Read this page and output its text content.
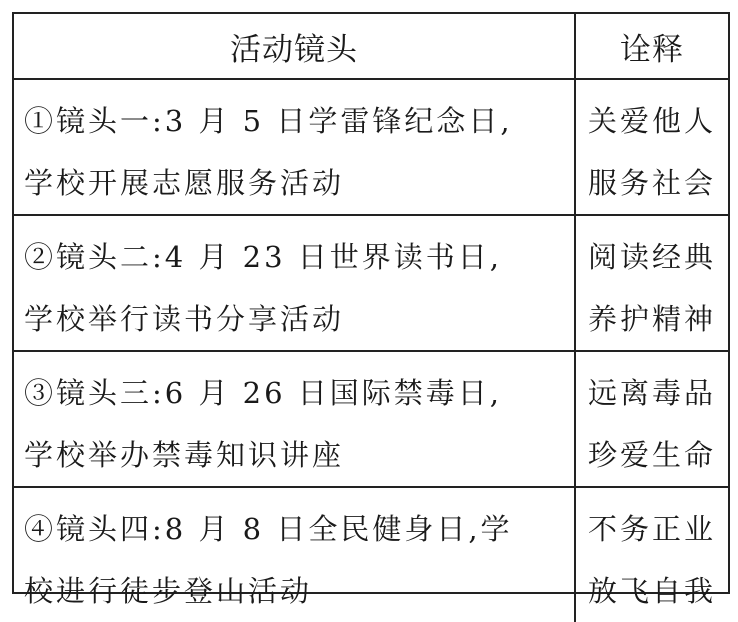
活动镜头	诠释
①镜头一:3 月 5 日学雷锋纪念日,
学校开展志愿服务活动
关爱他人
服务社会
②镜头二:4 月 23 日世界读书日,
学校举行读书分享活动
阅读经典
养护精神
③镜头三:6 月 26 日国际禁毒日,
学校举办禁毒知识讲座
远离毒品
珍爱生命
④镜头四:8 月 8 日全民健身日,学
校进行徒步登山活动
不务正业
放飞自我
